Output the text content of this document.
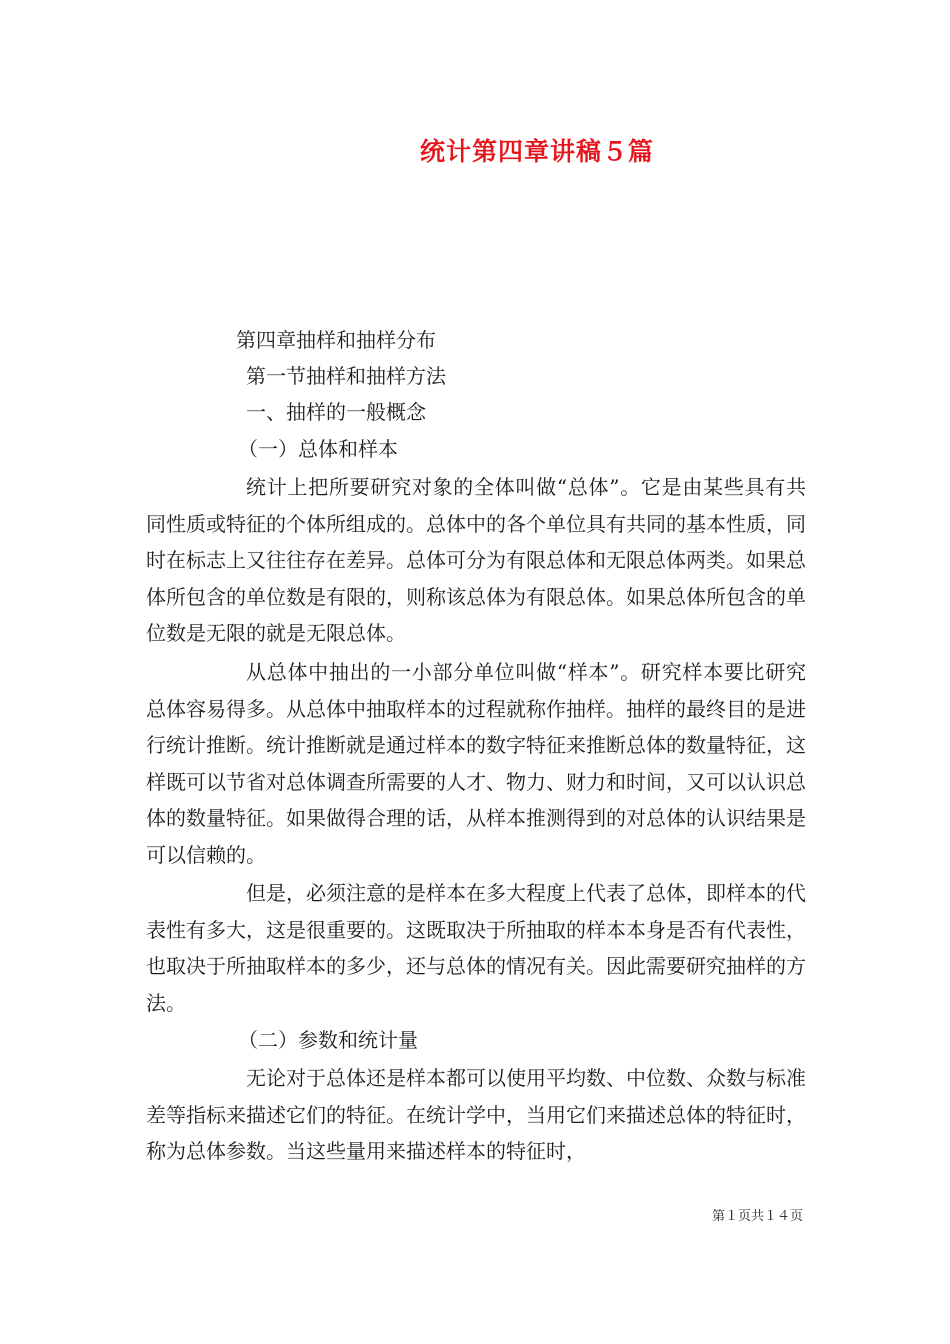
统计第四章讲稿５篇
第四章抽样和抽样分布
第一节抽样和抽样方法
一、抽样的一般概念
（一）总体和样本

统计上把所要研究对象的全体叫做“总体”。它是由某些具有共同性质或特征的个体所组成的。总体中的各个单位具有共同的基本性质，同时在标志上又往往存在差异。总体可分为有限总体和无限总体两类。如果总体所包含的单位数是有限的，则称该总体为有限总体。如果总体所包含的单位数是无限的就是无限总体。

从总体中抽出的一小部分单位叫做“样本”。研究样本要比研究总体容易得多。从总体中抽取样本的过程就称作抽样。抽样的最终目的是进行统计推断。统计推断就是通过样本的数字特征来推断总体的数量特征，这样既可以节省对总体调查所需要的人才、物力、财力和时间，又可以认识总体的数量特征。如果做得合理的话，从样本推测得到的对总体的认识结果是可以信赖的。

但是，必须注意的是样本在多大程度上代表了总体，即样本的代表性有多大，这是很重要的。这既取决于所抽取的样本本身是否有代表性，也取决于所抽取样本的多少，还与总体的情况有关。因此需要研究抽样的方法。

（二）参数和统计量

无论对于总体还是样本都可以使用平均数、中位数、众数与标准差等指标来描述它们的特征。在统计学中，当用它们来描述总体的特征时，称为总体参数。当这些量用来描述样本的特征时，

第１页共１４页
